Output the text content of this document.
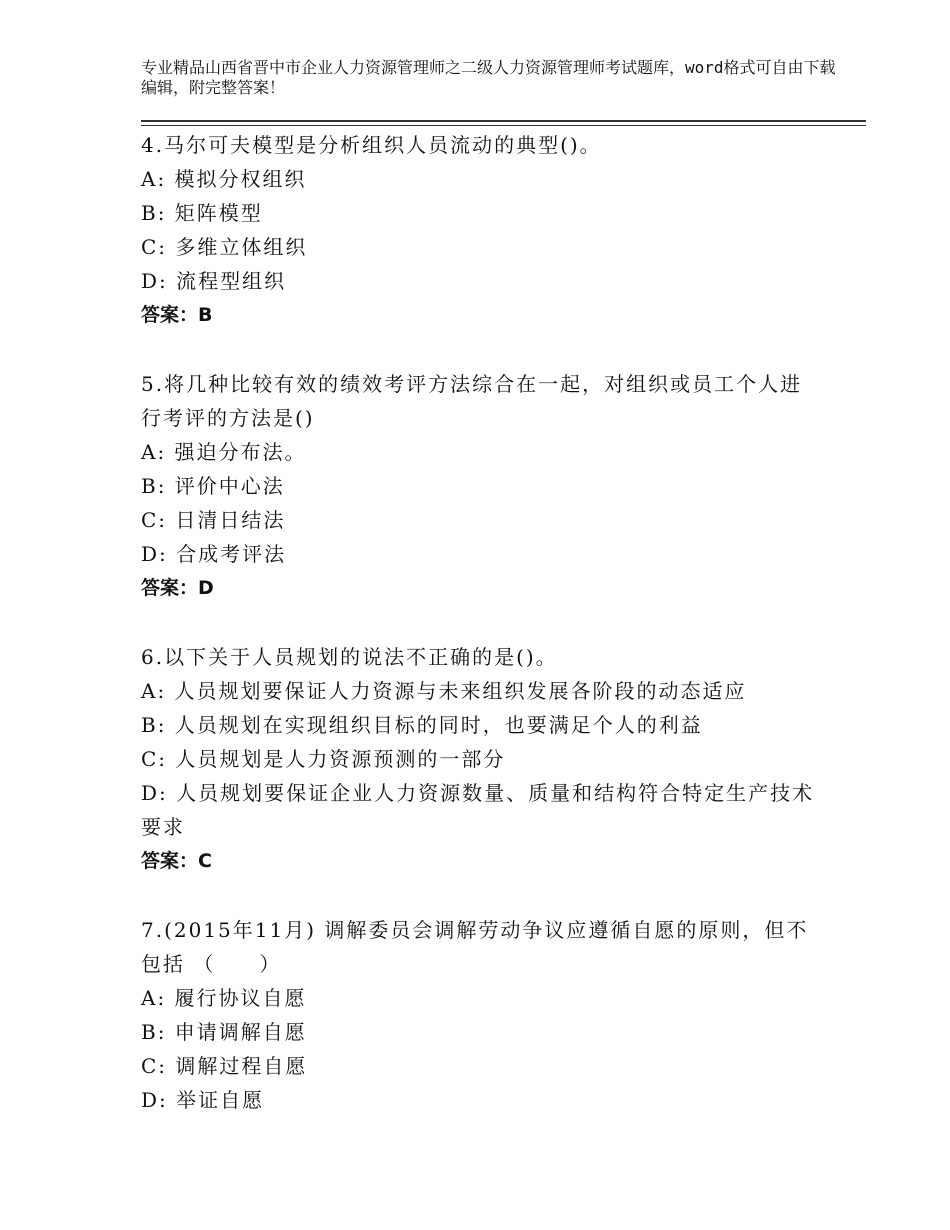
专业精品山西省晋中市企业人力资源管理师之二级人力资源管理师考试题库，word格式可自由下载编辑，附完整答案！

4.马尔可夫模型是分析组织人员流动的典型()。

A: 模拟分权组织

B: 矩阵模型

C: 多维立体组织

D: 流程型组织

答案：B

5.将几种比较有效的绩效考评方法综合在一起，对组织或员工个人进行考评的方法是()

A: 强迫分布法。

B: 评价中心法

C: 日清日结法

D: 合成考评法

答案：D

6.以下关于人员规划的说法不正确的是()。

A: 人员规划要保证人力资源与未来组织发展各阶段的动态适应

B: 人员规划在实现组织目标的同时，也要满足个人的利益

C: 人员规划是人力资源预测的一部分

D: 人员规划要保证企业人力资源数量、质量和结构符合特定生产技术要求

答案：C

7.(2015年11月) 调解委员会调解劳动争议应遵循自愿的原则，但不包括 （　　）

A: 履行协议自愿

B: 申请调解自愿

C: 调解过程自愿

D: 举证自愿
